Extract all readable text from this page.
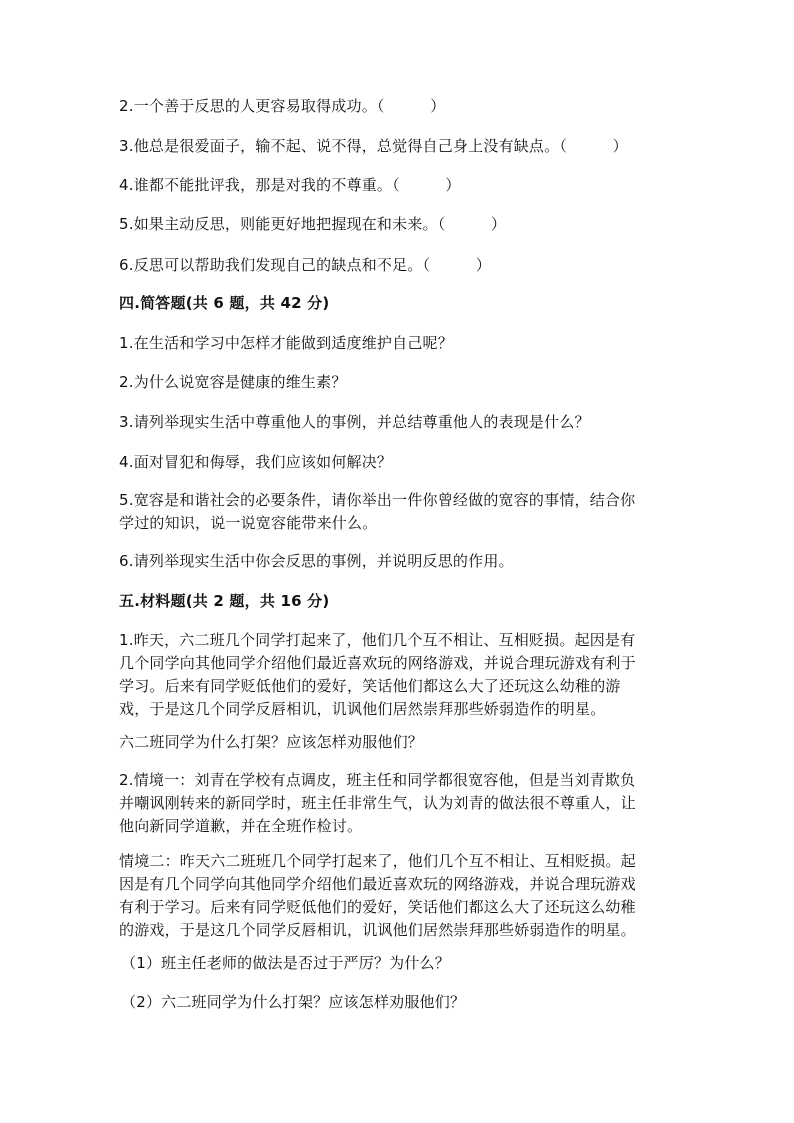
2.一个善于反思的人更容易取得成功。（　　　）
3.他总是很爱面子，输不起、说不得，总觉得自己身上没有缺点。（　　　）
4.谁都不能批评我，那是对我的不尊重。（　　　）
5.如果主动反思，则能更好地把握现在和未来。（　　　）
6.反思可以帮助我们发现自己的缺点和不足。（　　　）
四.简答题(共 6 题，共 42 分)
1.在生活和学习中怎样才能做到适度维护自己呢？
2.为什么说宽容是健康的维生素？
3.请列举现实生活中尊重他人的事例，并总结尊重他人的表现是什么？
4.面对冒犯和侮辱，我们应该如何解决？
5.宽容是和谐社会的必要条件，请你举出一件你曾经做的宽容的事情，结合你
学过的知识，说一说宽容能带来什么。
6.请列举现实生活中你会反思的事例，并说明反思的作用。
五.材料题(共 2 题，共 16 分)
1.昨天，六二班几个同学打起来了，他们几个互不相让、互相贬损。起因是有
几个同学向其他同学介绍他们最近喜欢玩的网络游戏，并说合理玩游戏有利于
学习。后来有同学贬低他们的爱好，笑话他们都这么大了还玩这么幼稚的游
戏，于是这几个同学反唇相讥，讥讽他们居然崇拜那些娇弱造作的明星。
六二班同学为什么打架？应该怎样劝服他们？
2.情境一：刘青在学校有点调皮，班主任和同学都很宽容他，但是当刘青欺负
并嘲讽刚转来的新同学时，班主任非常生气，认为刘青的做法很不尊重人，让
他向新同学道歉，并在全班作检讨。
情境二：昨天六二班班几个同学打起来了，他们几个互不相让、互相贬损。起
因是有几个同学向其他同学介绍他们最近喜欢玩的网络游戏，并说合理玩游戏
有利于学习。后来有同学贬低他们的爱好，笑话他们都这么大了还玩这么幼稚
的游戏，于是这几个同学反唇相讥，讥讽他们居然崇拜那些娇弱造作的明星。
（1）班主任老师的做法是否过于严厉？为什么？
（2）六二班同学为什么打架？应该怎样劝服他们？
